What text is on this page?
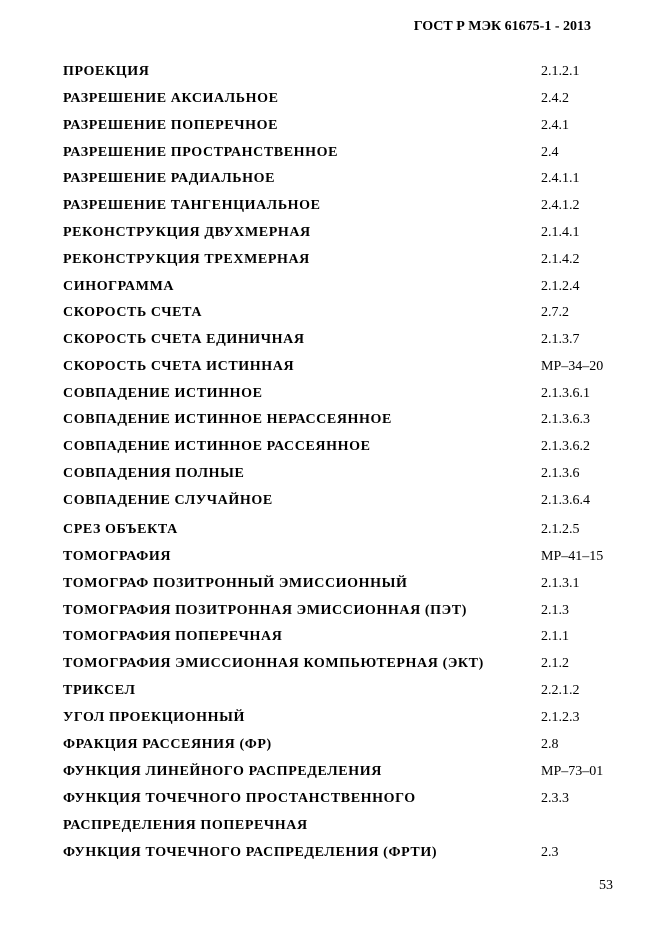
ГОСТ Р МЭК 61675-1 - 2013
ПРОЕКЦИЯ	2.1.2.1
РАЗРЕШЕНИЕ АКСИАЛЬНОЕ	2.4.2
РАЗРЕШЕНИЕ ПОПЕРЕЧНОЕ	2.4.1
РАЗРЕШЕНИЕ ПРОСТРАНСТВЕННОЕ	2.4
РАЗРЕШЕНИЕ РАДИАЛЬНОЕ	2.4.1.1
РАЗРЕШЕНИЕ ТАНГЕНЦИАЛЬНОЕ	2.4.1.2
РЕКОНСТРУКЦИЯ ДВУХМЕРНАЯ	2.1.4.1
РЕКОНСТРУКЦИЯ ТРЕХМЕРНАЯ	2.1.4.2
СИНОГРАММА	2.1.2.4
СКОРОСТЬ СЧЕТА	2.7.2
СКОРОСТЬ СЧЕТА ЕДИНИЧНАЯ	2.1.3.7
СКОРОСТЬ СЧЕТА ИСТИННАЯ	МР–34–20
СОВПАДЕНИЕ ИСТИННОЕ	2.1.3.6.1
СОВПАДЕНИЕ ИСТИННОЕ НЕРАССЕЯННОЕ	2.1.3.6.3
СОВПАДЕНИЕ ИСТИННОЕ РАССЕЯННОЕ	2.1.3.6.2
СОВПАДЕНИЯ ПОЛНЫЕ	2.1.3.6
СОВПАДЕНИЕ СЛУЧАЙНОЕ	2.1.3.6.4
СРЕЗ ОБЪЕКТА	2.1.2.5
ТОМОГРАФИЯ	МР–41–15
ТОМОГРАФ ПОЗИТРОННЫЙ ЭМИССИОННЫЙ	2.1.3.1
ТОМОГРАФИЯ ПОЗИТРОННАЯ ЭМИССИОННАЯ (ПЭТ)	2.1.3
ТОМОГРАФИЯ ПОПЕРЕЧНАЯ	2.1.1
ТОМОГРАФИЯ ЭМИССИОННАЯ КОМПЬЮТЕРНАЯ (ЭКТ)	2.1.2
ТРИКСЕЛ	2.2.1.2
УГОЛ ПРОЕКЦИОННЫЙ	2.1.2.3
ФРАКЦИЯ РАССЕЯНИЯ (ФР)	2.8
ФУНКЦИЯ ЛИНЕЙНОГО РАСПРЕДЕЛЕНИЯ	МР–73–01
ФУНКЦИЯ ТОЧЕЧНОГО ПРОСТАНСТВЕННОГО	2.3.3
РАСПРЕДЕЛЕНИЯ ПОПЕРЕЧНАЯ
ФУНКЦИЯ ТОЧЕЧНОГО РАСПРЕДЕЛЕНИЯ (ФРТИ)	2.3
53
